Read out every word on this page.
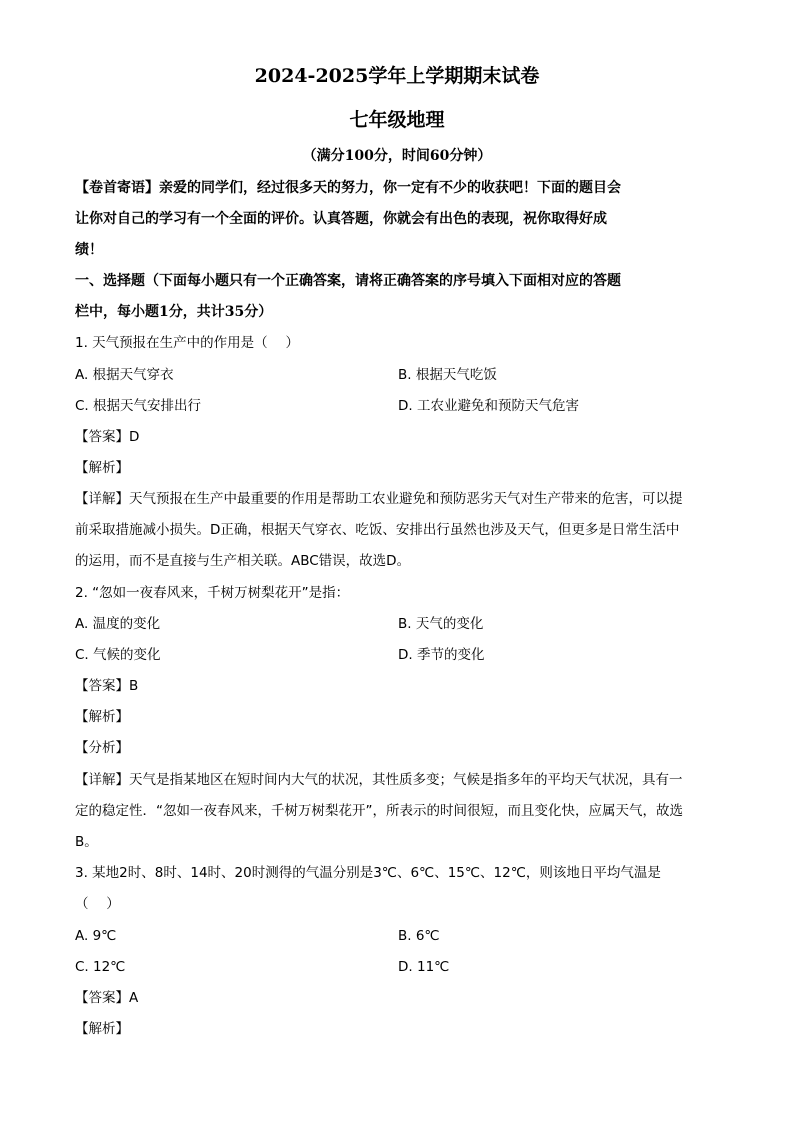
2024-2025学年上学期期末试卷
七年级地理
（满分100分，时间60分钟）
【卷首寄语】亲爱的同学们，经过很多天的努力，你一定有不少的收获吧！下面的题目会
让你对自己的学习有一个全面的评价。认真答题，你就会有出色的表现，祝你取得好成
绩！
一、选择题（下面每小题只有一个正确答案，请将正确答案的序号填入下面相对应的答题
栏中，每小题1分，共计35分）
1. 天气预报在生产中的作用是（　 ）
A. 根据天气穿衣	B. 根据天气吃饭
C. 根据天气安排出行	D. 工农业避免和预防天气危害
【答案】D
【解析】
【详解】天气预报在生产中最重要的作用是帮助工农业避免和预防恶劣天气对生产带来的危害，可以提
前采取措施减小损失。D正确，根据天气穿衣、吃饭、安排出行虽然也涉及天气，但更多是日常生活中
的运用，而不是直接与生产相关联。ABC错误，故选D。
2. “忽如一夜春风来，千树万树梨花开”是指：
A. 温度的变化	B. 天气的变化
C. 气候的变化	D. 季节的变化
【答案】B
【解析】
【分析】
【详解】天气是指某地区在短时间内大气的状况，其性质多变；气候是指多年的平均天气状况，具有一
定的稳定性．“忽如一夜春风来，千树万树梨花开”，所表示的时间很短，而且变化快，应属天气，故选
B。
3. 某地2时、8时、14时、20时测得的气温分别是3℃、6℃、15℃、12℃，则该地日平均气温是
（　 ）
A. 9℃	B. 6℃
C. 12℃	D. 11℃
【答案】A
【解析】
